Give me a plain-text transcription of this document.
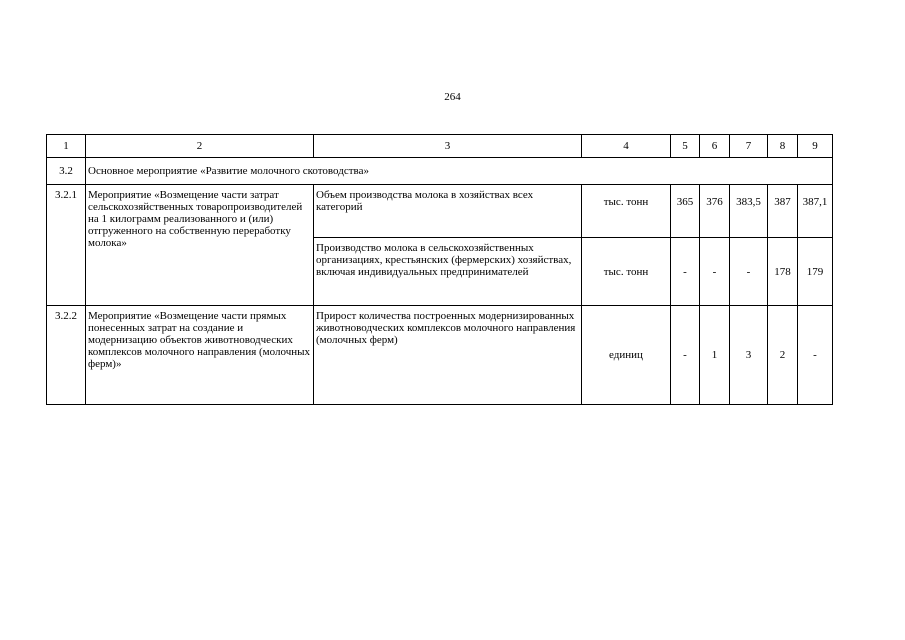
264
1	2	3	4	5	6	7	8	9
3.2	Основное мероприятие «Развитие молочного скотоводства»							

3.2.1	Мероприятие «Возмещение части затрат сельскохозяйственных товаропроизводителей на 1 килограмм реализованного и (или) отгруженного на собственную переработку молока»	Объем производства молока в хозяйствах всех категорий	тыс. тонн	365	376	383,5	387	387,1

		Производство молока в сельскохозяйственных организациях, крестьянских (фермерских) хозяйствах, включая индивидуальных предпринимателей	тыс. тонн	-	-	-	178	179

3.2.2	Мероприятие «Возмещение части прямых понесенных затрат на создание и модернизацию объектов животноводческих комплексов молочного направления (молочных ферм)»	Прирост количества построенных модернизированных животноводческих комплексов молочного направления (молочных ферм)	единиц	-	1	3	2	-
